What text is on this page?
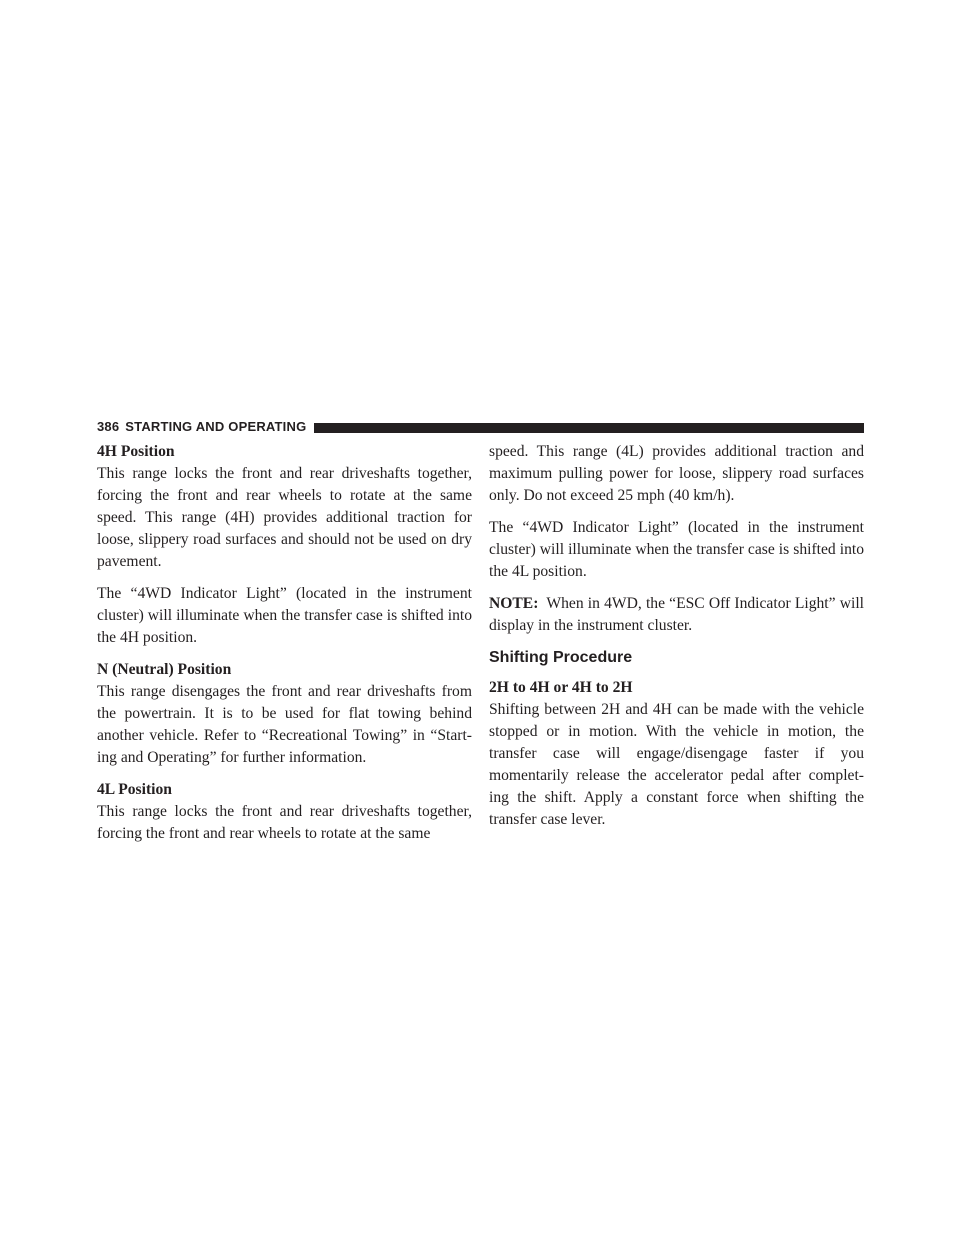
386 STARTING AND OPERATING
4H Position

This range locks the front and rear driveshafts together, forcing the front and rear wheels to rotate at the same speed. This range (4H) provides additional traction for loose, slippery road surfaces and should not be used on dry pavement.

The “4WD Indicator Light” (located in the instrument cluster) will illuminate when the transfer case is shifted into the 4H position.

N (Neutral) Position

This range disengages the front and rear driveshafts from the powertrain. It is to be used for flat towing behind another vehicle. Refer to “Recreational Towing” in “Start- ing and Operating” for further information.

4L Position

This range locks the front and rear driveshafts together, forcing the front and rear wheels to rotate at the same

speed. This range (4L) provides additional traction and maximum pulling power for loose, slippery road surfaces only. Do not exceed 25 mph (40 km/h).

The “4WD Indicator Light” (located in the instrument cluster) will illuminate when the transfer case is shifted into the 4L position.

NOTE: When in 4WD, the “ESC Off Indicator Light” will display in the instrument cluster.

Shifting Procedure
2H to 4H or 4H to 2H

Shifting between 2H and 4H can be made with the vehicle stopped or in motion. With the vehicle in motion, the transfer case will engage/disengage faster if you momentarily release the accelerator pedal after complet- ing the shift. Apply a constant force when shifting the transfer case lever.
